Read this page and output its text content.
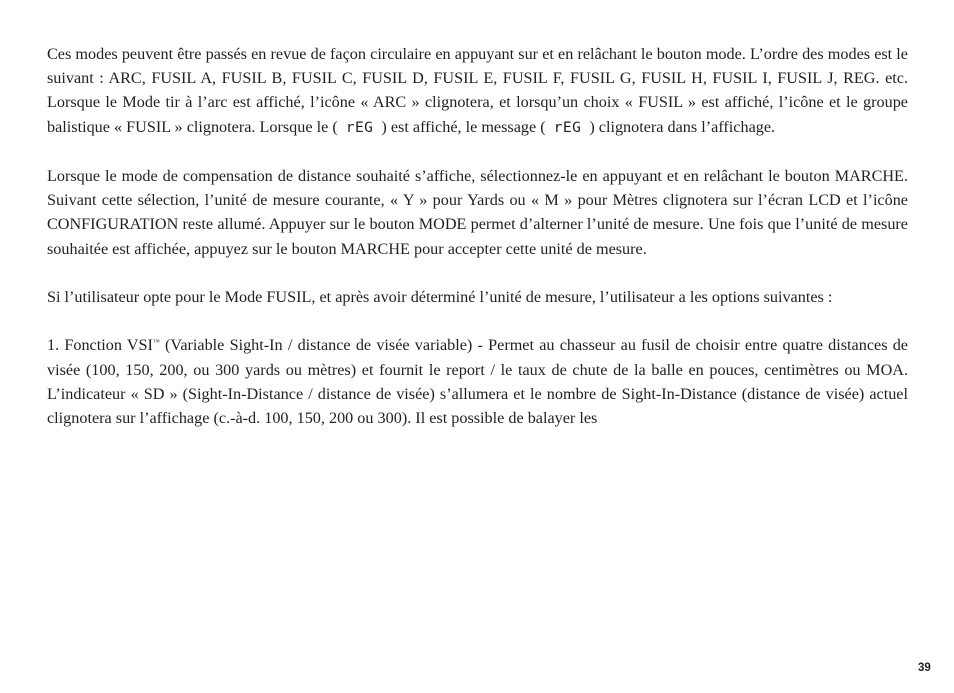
Ces modes peuvent être passés en revue de façon circulaire en appuyant sur et en relâchant le bouton mode. L’ordre des modes est le suivant : ARC, FUSIL A, FUSIL B, FUSIL C, FUSIL D, FUSIL E, FUSIL F, FUSIL G, FUSIL H, FUSIL I, FUSIL J, REG. etc. Lorsque le Mode tir à l’arc est affiché, l’icône « ARC » clignotera, et lorsqu’un choix « FUSIL » est affiché, l’icône et le groupe balistique « FUSIL » clignotera. Lorsque le ( rEG ) est affiché, le message ( rEG ) clignotera dans l’affichage.

Lorsque le mode de compensation de distance souhaité s’affiche, sélectionnez-le en appuyant et en relâchant le bouton MARCHE. Suivant cette sélection, l’unité de mesure courante, « Y » pour Yards ou « M » pour Mètres clignotera sur l’écran LCD et l’icône CONFIGURATION reste allumé. Appuyer sur le bouton MODE permet d’alterner l’unité de mesure. Une fois que l’unité de mesure souhaitée est affichée, appuyez sur le bouton MARCHE pour accepter cette unité de mesure.

Si l’utilisateur opte pour le Mode FUSIL, et après avoir déterminé l’unité de mesure, l’utilisateur a les options suivantes :

1. Fonction VSI™ (Variable Sight-In / distance de visée variable) - Permet au chasseur au fusil de choisir entre quatre distances de visée (100, 150, 200, ou 300 yards ou mètres) et fournit le report / le taux de chute de la balle en pouces, centimètres ou MOA. L’indicateur « SD » (Sight-In-Distance / distance de visée) s’allumera et le nombre de Sight-In-Distance (distance de visée) actuel clignotera sur l’affichage (c.-à-d. 100, 150, 200 ou 300). Il est possible de balayer les

39
